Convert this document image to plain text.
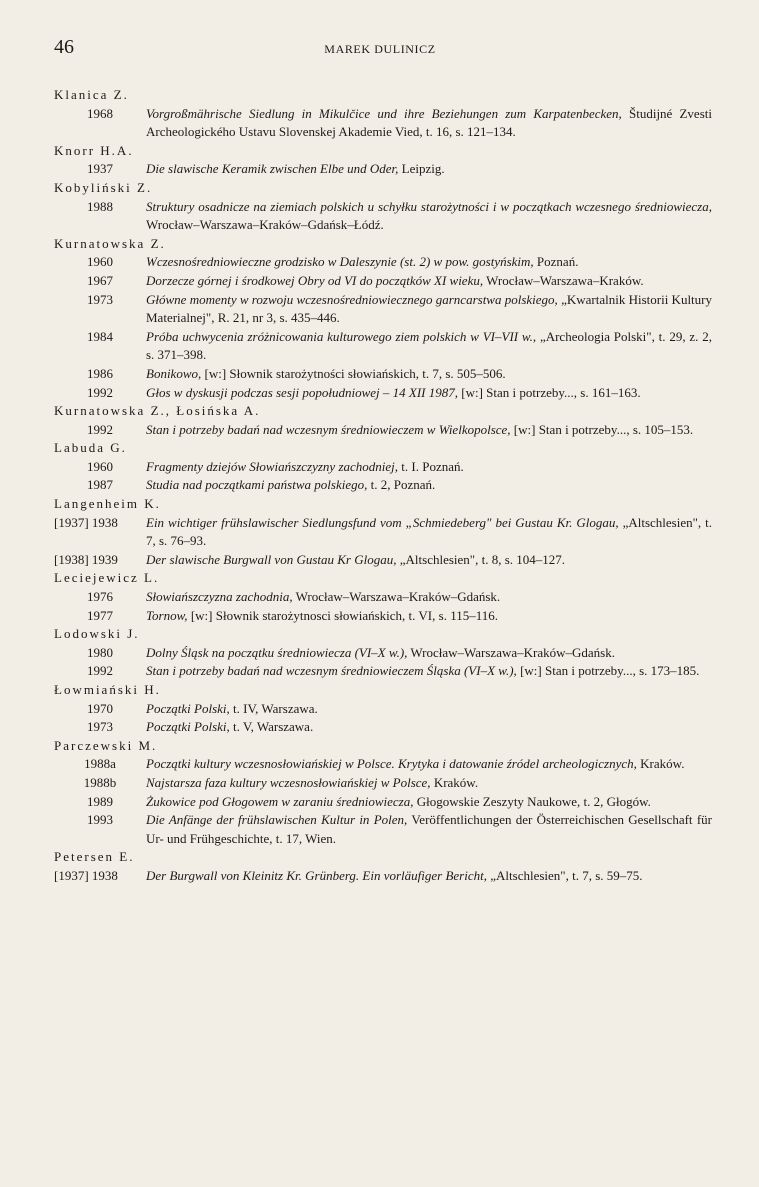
46	MAREK DULINICZ

Klanica Z.

1968	Vorgroßmährische Siedlung in Mikulčice und ihre Beziehungen zum Karpatenbecken, Študijné Zvesti Archeologického Ustavu Slovenskej Akademie Vied, t. 16, s. 121–134.

Knorr H.A.

1937	Die slawische Keramik zwischen Elbe und Oder, Leipzig.

Kobyliński Z.

1988	Struktury osadnicze na ziemiach polskich u schyłku starożytności i w początkach wczesnego średniowiecza, Wrocław–Warszawa–Kraków–Gdańsk–Łódź.

Kurnatowska Z.

1960	Wczesnośredniowieczne grodzisko w Daleszynie (st. 2) w pow. gostyńskim, Poznań.
1967	Dorzecze górnej i środkowej Obry od VI do początków XI wieku, Wrocław–Warszawa–Kraków.
1973	Główne momenty w rozwoju wczesnośredniowiecznego garncarstwa polskiego, „Kwartalnik Historii Kultury Materialnej", R. 21, nr 3, s. 435–446.
1984	Próba uchwycenia zróżnicowania kulturowego ziem polskich w VI–VII w., „Archeologia Polski", t. 29, z. 2, s. 371–398.
1986	Bonikowo, [w:] Słownik starożytności słowiańskich, t. 7, s. 505–506.
1992	Głos w dyskusji podczas sesji popołudniowej – 14 XII 1987, [w:] Stan i potrzeby..., s. 161–163.

Kurnatowska Z., Łosińska A.

1992	Stan i potrzeby badań nad wczesnym średniowieczem w Wielkopolsce, [w:] Stan i potrzeby..., s. 105–153.

Labuda G.

1960	Fragmenty dziejów Słowiańszczyzny zachodniej, t. I. Poznań.
1987	Studia nad początkami państwa polskiego, t. 2, Poznań.

Langenheim K.

[1937] 1938	Ein wichtiger frühslawischer Siedlungsfund vom „Schmiedeberg" bei Gustau Kr. Glogau, „Altschlesien", t. 7, s. 76–93.
[1938] 1939	Der slawische Burgwall von Gustau Kr Glogau, „Altschlesien", t. 8, s. 104–127.

Leciejewicz L.

1976	Słowiańszczyzna zachodnia, Wrocław–Warszawa–Kraków–Gdańsk.
1977	Tornow, [w:] Słownik starożytnosci słowiańskich, t. VI, s. 115–116.

Lodowski J.

1980	Dolny Śląsk na początku średniowiecza (VI–X w.), Wrocław–Warszawa–Kraków–Gdańsk.
1992	Stan i potrzeby badań nad wczesnym średniowieczem Śląska (VI–X w.), [w:] Stan i potrzeby..., s. 173–185.

Łowmiański H.

1970	Początki Polski, t. IV, Warszawa.
1973	Początki Polski, t. V, Warszawa.

Parczewski M.

1988a	Początki kultury wczesnosłowiańskiej w Polsce. Krytyka i datowanie źródel archeologicznych, Kraków.
1988b	Najstarsza faza kultury wczesnosłowiańskiej w Polsce, Kraków.
1989	Żukowice pod Głogowem w zaraniu średniowiecza, Głogowskie Zeszyty Naukowe, t. 2, Głogów.
1993	Die Anfänge der frühslawischen Kultur in Polen, Veröffentlichungen der Österreichischen Gesellschaft für Ur- und Frühgeschichte, t. 17, Wien.

Petersen E.

[1937] 1938	Der Burgwall von Kleinitz Kr. Grünberg. Ein vorläufiger Bericht, „Altschlesien", t. 7, s. 59–75.
